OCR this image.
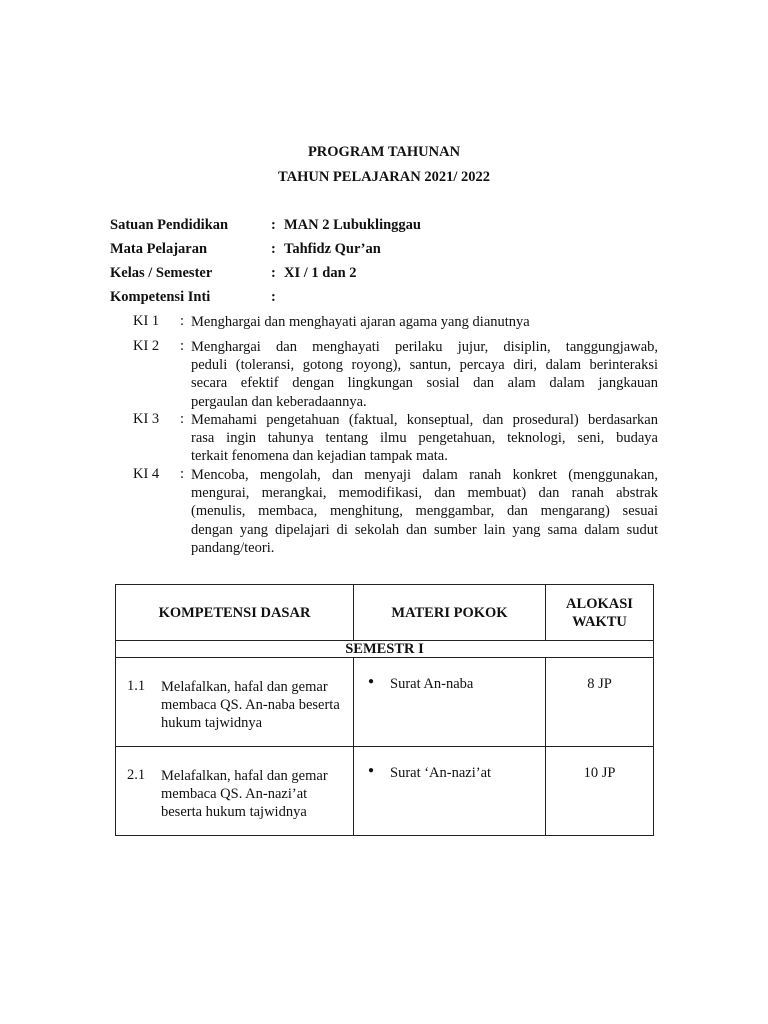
PROGRAM TAHUNAN
TAHUN PELAJARAN 2021/ 2022
Satuan Pendidikan	: MAN 2 Lubuklinggau
Mata Pelajaran	: Tahfidz Qur’an
Kelas / Semester	: XI / 1 dan 2
Kompetensi Inti	:
KI 1 : Menghargai dan menghayati ajaran agama yang dianutnya
KI 2 : Menghargai dan menghayati perilaku jujur, disiplin, tanggungjawab,
peduli (toleransi, gotong royong), santun, percaya diri, dalam berinteraksi
secara efektif dengan lingkungan sosial dan alam dalam jangkauan
pergaulan dan keberadaannya.
KI 3 : Memahami pengetahuan (faktual, konseptual, dan prosedural) berdasarkan
rasa ingin tahunya tentang ilmu pengetahuan, teknologi, seni, budaya
terkait fenomena dan kejadian tampak mata.
KI 4 : Mencoba, mengolah, dan menyaji dalam ranah konkret (menggunakan,
mengurai, merangkai, memodifikasi, dan membuat) dan ranah abstrak
(menulis, membaca, menghitung, menggambar, dan mengarang) sesuai
dengan yang dipelajari di sekolah dan sumber lain yang sama dalam sudut
pandang/teori.
KOMPETENSI DASAR	MATERI POKOK	ALOKASI
WAKTU
SEMESTR I		

1.1 Melafalkan, hafal dan gemar membaca QS. An-naba beserta hukum tajwidnya	● Surat An-naba	8 JP

2.1 Melafalkan, hafal dan gemar membaca QS. An-nazi’at beserta hukum tajwidnya	● Surat ‘An-nazi’at	10 JP
